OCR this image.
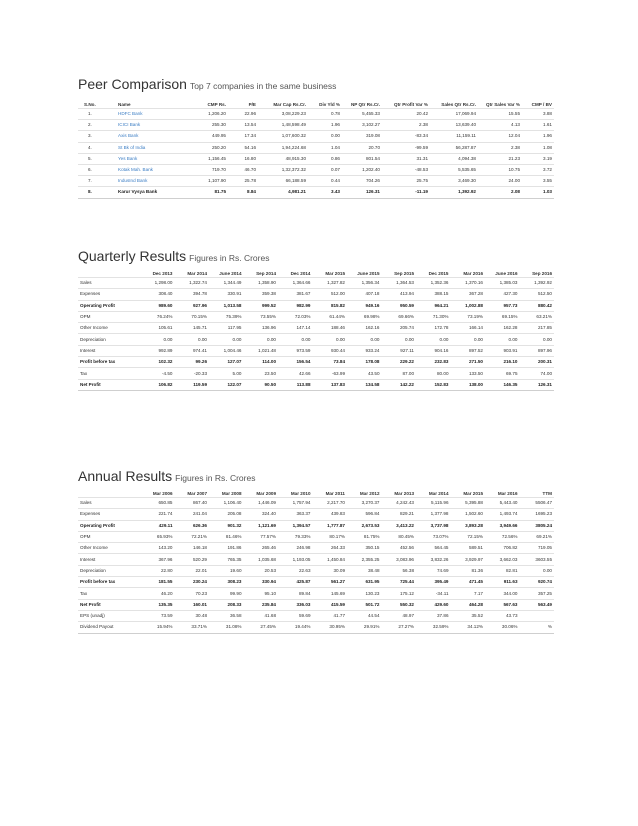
Peer Comparison Top 7 companies in the same business
S.No.	Name	CMP Rs.	P/E	Mar Cap Rs.Cr.	Div Yld %	NP Qtr Rs.Cr.	Qtr Profit Var %	Sales Qtr Rs.Cr.	Qtr Sales Var %	CMP / BV
1.	HDFC Bank	1,206.20	22.96	3,08,229.23	0.78	5,455.33	20.42	17,069.94	15.55	3.88
2.	ICICI Bank	255.30	13.54	1,48,598.49	1.96	3,102.27	2.38	13,639.40	4.13	1.61
3.	Axis Bank	449.95	17.34	1,07,600.32	0.00	319.08	-83.34	11,159.11	12.04	1.96
4.	St Bk of India	250.20	54.16	1,94,224.68	1.04	20.70	-99.59	56,287.87	2.38	1.08
5.	Yes Bank	1,156.45	16.80	48,915.30	0.86	801.54	31.31	4,094.38	21.23	3.19
6.	Kotak Mah. Bank	719.70	46.70	1,32,372.32	0.07	1,202.40	-48.53	5,535.65	10.75	3.72
7.	IndusInd Bank	1,107.90	25.78	66,188.59	0.44	704.26	25.75	3,469.30	24.00	3.55
8.	Karur Vysya Bank	81.75	8.84	4,981.21	3.43	126.31	-11.19	1,392.92	2.08	1.03
Quarterly Results Figures in Rs. Crores
	Dec 2013	Mar 2014	June 2014	Sep 2014	Dec 2014	Mar 2015	June 2015	Sep 2015	Dec 2015	Mar 2016	June 2016	Sep 2016
Sales	1,298.00	1,322.74	1,344.49	1,358.90	1,364.66	1,327.82	1,356.34	1,364.53	1,352.36	1,370.16	1,385.03	1,392.92
Expenses	308.40	394.78	330.91	359.38	381.67	512.00	407.18	413.94	388.15	367.28	427.30	512.50
Operating Profit	989.60	927.96	1,013.58	999.52	982.99	815.82	949.16	950.59	964.21	1,002.88	957.73	880.42
OPM	76.24%	70.15%	75.39%	73.55%	72.03%	61.44%	69.98%	69.66%	71.30%	73.19%	69.15%	63.21%
Other Income	105.61	145.71	117.95	136.96	147.14	188.46	162.16	205.74	172.78	166.14	162.28	217.85
Depreciation	0.00	0.00	0.00	0.00	0.00	0.00	0.00	0.00	0.00	0.00	0.00	0.00
Interest	992.89	974.41	1,004.46	1,021.48	973.59	930.44	933.24	927.11	904.16	897.52	903.91	897.96
Profit before tax	102.32	99.26	127.07	114.00	156.54	73.84	178.08	229.22	232.83	271.50	216.10	200.31
Tax	-4.50	-20.33	5.00	23.50	42.66	-63.99	43.50	87.00	80.00	133.50	69.75	74.00
Net Profit	106.82	119.59	122.07	90.50	113.88	137.83	134.58	142.22	152.83	138.00	146.35	126.31
Annual Results Figures in Rs. Crores
	Mar 2006	Mar 2007	Mar 2008	Mar 2009	Mar 2010	Mar 2011	Mar 2012	Mar 2013	Mar 2014	Mar 2015	Mar 2016	TTM
Sales	650.85	867.40	1,106.40	1,446.09	1,757.94	2,217.70	3,270.37	4,242.43	5,115.96	5,395.88	5,443.40	5506.47
Expenses	221.74	241.04	205.08	324.40	363.37	439.83	596.84	829.21	1,377.98	1,502.60	1,493.74	1695.23
Operating Profit	429.11	626.36	901.32	1,121.69	1,394.57	1,777.87	2,673.53	3,413.22	3,737.98	3,893.28	3,949.66	3805.24
OPM	65.93%	72.21%	81.46%	77.57%	79.33%	80.17%	81.75%	80.45%	73.07%	72.15%	72.56%	69.21%
Other Income	143.20	146.18	191.86	265.46	246.98	264.33	350.15	452.56	564.45	589.51	706.82	719.05
Interest	367.96	520.29	765.35	1,035.68	1,193.05	1,450.84	2,355.25	3,083.96	3,832.26	3,929.97	3,662.03	3603.55
Depreciation	22.80	22.01	19.60	20.53	22.63	30.09	38.48	56.38	74.69	81.36	82.81	0.00
Profit before tax	181.55	230.24	308.23	330.94	425.87	561.27	631.95	725.44	395.49	471.45	911.63	920.74
Tax	46.20	70.23	99.90	95.10	89.84	145.69	130.23	175.12	-34.11	7.17	344.00	357.25
Net Profit	135.35	160.01	208.33	235.84	336.03	415.59	501.72	550.32	429.60	464.28	567.63	563.49
EPS (unadj)	73.59	30.48	36.58	41.68	59.69	41.77	44.54	48.97	37.86	35.52	43.73	
Dividend Payout	15.94%	33.71%	31.08%	27.45%	19.44%	30.95%	29.91%	27.27%	32.59%	34.12%	30.06%	%
